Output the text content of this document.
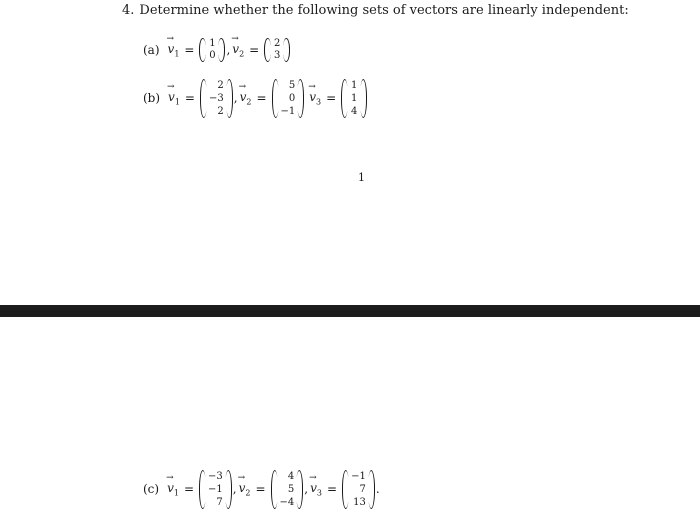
4. Determine whether the following sets of vectors are linearly independent:
(a)
→
$v_1 = 1$
0 ,
→
$v_2 = 2$
3
(b)
→
$v_1$ =
2
−3
2
,
→
$v_2$ =
5
0
−1
→
$v_3$ =
1
1
4
1
(c)
→
$v_1$ =
−3
−1
7
,
→
$v_2$ =
4
5
−4
,
→
$v_3$ =
−1
7
13
.
